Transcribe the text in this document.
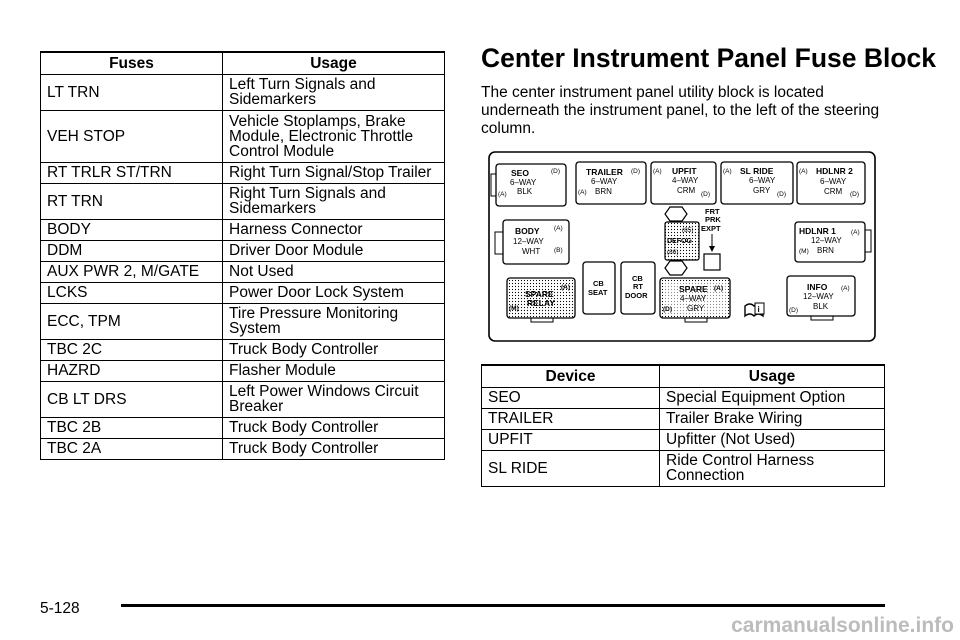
Fuses	Usage
LT TRN	Left Turn Signals and Sidemarkers
VEH STOP	Vehicle Stoplamps, Brake Module, Electronic Throttle Control Module
RT TRLR ST/TRN	Right Turn Signal/Stop Trailer
RT TRN	Right Turn Signals and Sidemarkers
BODY	Harness Connector
DDM	Driver Door Module
AUX PWR 2, M/GATE	Not Used
LCKS	Power Door Lock System
ECC, TPM	Tire Pressure Monitoring System
TBC 2C	Truck Body Controller
HAZRD	Flasher Module
CB LT DRS	Left Power Windows Circuit Breaker
TBC 2B	Truck Body Controller
TBC 2A	Truck Body Controller
Center Instrument Panel Fuse Block

The center instrument panel utility block is located underneath the instrument panel, to the left of the steering column.

SEO
6–WAY
BLK
(D)
(A)
TRAILER
6–WAY
BRN
(D)
(A)
(A) UPFIT
4–WAY
CRM (D)
(A) SL RIDE
6–WAY
GRY (D)
(A) HDLNR 2
6–WAY
CRM (D)
BODY
12–WAY
WHT
(A)
(B)
(85)
DEFOG
(86)
FRT
PRK
EXPT	HDLNR 1 (A)
12–WAY
BRN
(M)
(A)
SPARE
RELAY
(M)
CB
SEAT
CB
RT
DOOR
SPARE (A)
4–WAY
GRY
(D)	i
INFO (A)
12–WAY
BLK
(D)
Device	Usage
SEO	Special Equipment Option
TRAILER	Trailer Brake Wiring
UPFIT	Upfitter (Not Used)
SL RIDE	Ride Control Harness Connection
5-128
carmanualsonline.info
